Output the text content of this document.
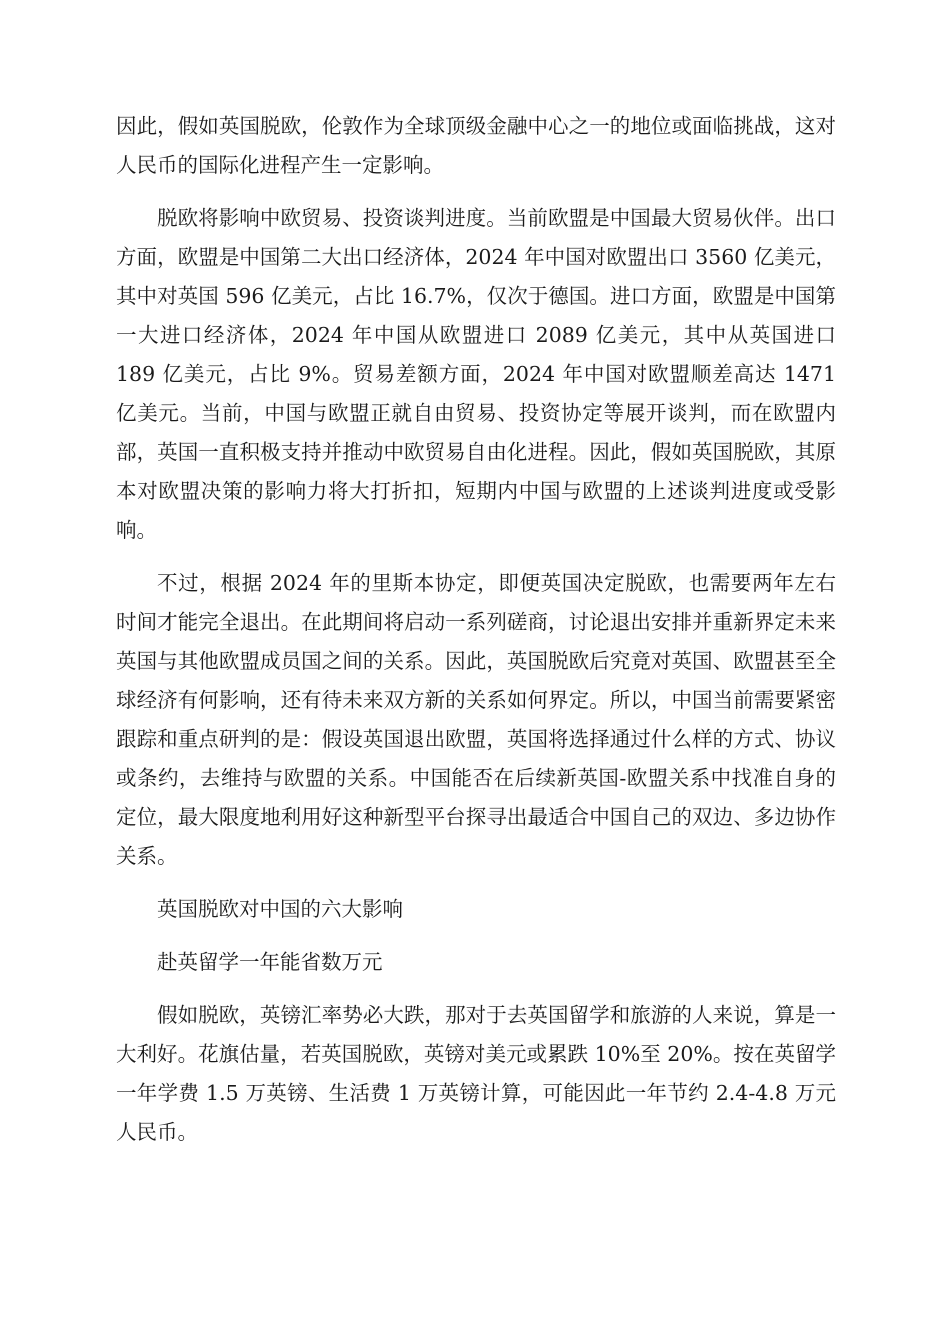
因此，假如英国脱欧，伦敦作为全球顶级金融中心之一的地位或面临挑战，这对人民币的国际化进程产生一定影响。

脱欧将影响中欧贸易、投资谈判进度。当前欧盟是中国最大贸易伙伴。出口方面，欧盟是中国第二大出口经济体，2024 年中国对欧盟出口 3560 亿美元，其中对英国 596 亿美元，占比 16.7%，仅次于德国。进口方面，欧盟是中国第一大进口经济体，2024 年中国从欧盟进口 2089 亿美元，其中从英国进口 189 亿美元，占比 9%。贸易差额方面，2024 年中国对欧盟顺差高达 1471 亿美元。当前，中国与欧盟正就自由贸易、投资协定等展开谈判，而在欧盟内部，英国一直积极支持并推动中欧贸易自由化进程。因此，假如英国脱欧，其原本对欧盟决策的影响力将大打折扣，短期内中国与欧盟的上述谈判进度或受影响。

不过，根据 2024 年的里斯本协定，即便英国决定脱欧，也需要两年左右时间才能完全退出。在此期间将启动一系列磋商，讨论退出安排并重新界定未来英国与其他欧盟成员国之间的关系。因此，英国脱欧后究竟对英国、欧盟甚至全球经济有何影响，还有待未来双方新的关系如何界定。所以，中国当前需要紧密跟踪和重点研判的是：假设英国退出欧盟，英国将选择通过什么样的方式、协议或条约，去维持与欧盟的关系。中国能否在后续新英国-欧盟关系中找准自身的定位，最大限度地利用好这种新型平台探寻出最适合中国自己的双边、多边协作关系。

英国脱欧对中国的六大影响

赴英留学一年能省数万元

假如脱欧，英镑汇率势必大跌，那对于去英国留学和旅游的人来说，算是一大利好。花旗估量，若英国脱欧，英镑对美元或累跌 10%至 20%。按在英留学一年学费 1.5 万英镑、生活费 1 万英镑计算，可能因此一年节约 2.4-4.8 万元人民币。
